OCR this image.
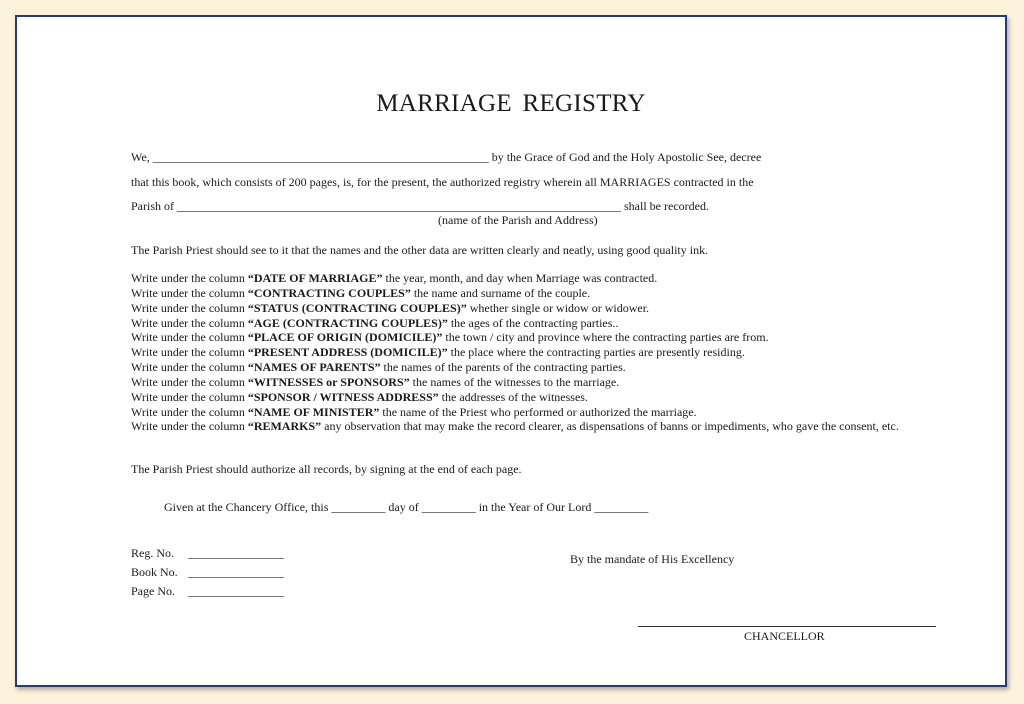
MARRIAGE REGISTRY
We, ________________________________________________________ by the Grace of God and the Holy Apostolic See, decree
that this book, which consists of 200 pages, is, for the present, the authorized registry wherein all MARRIAGES contracted in the
Parish of __________________________________________________________________________ shall be recorded.
(name of the Parish and Address)
The Parish Priest should see to it that the names and the other data are written clearly and neatly, using good quality ink.
Write under the column “DATE OF MARRIAGE” the year, month, and day when Marriage was contracted.
Write under the column “CONTRACTING COUPLES” the name and surname of the couple.
Write under the column “STATUS (CONTRACTING COUPLES)” whether single or widow or widower.
Write under the column “AGE (CONTRACTING COUPLES)” the ages of the contracting parties..
Write under the column “PLACE OF ORIGIN (DOMICILE)” the town / city and province where the contracting parties are from.
Write under the column “PRESENT ADDRESS (DOMICILE)” the place where the contracting parties are presently residing.
Write under the column “NAMES OF PARENTS” the names of the parents of the contracting parties.
Write under the column “WITNESSES or SPONSORS” the names of the witnesses to the marriage.
Write under the column “SPONSOR / WITNESS ADDRESS” the addresses of the witnesses.
Write under the column “NAME OF MINISTER” the name of the Priest who performed or authorized the marriage.
Write under the column “REMARKS” any observation that may make the record clearer, as dispensations of banns or impediments, who gave the consent, etc.
The Parish Priest should authorize all records, by signing at the end of each page.
Given at the Chancery Office, this _________ day of _________ in the Year of Our Lord _________
Reg. No. ________________
Book No. ________________
Page No. ________________
By the mandate of His Excellency
CHANCELLOR
